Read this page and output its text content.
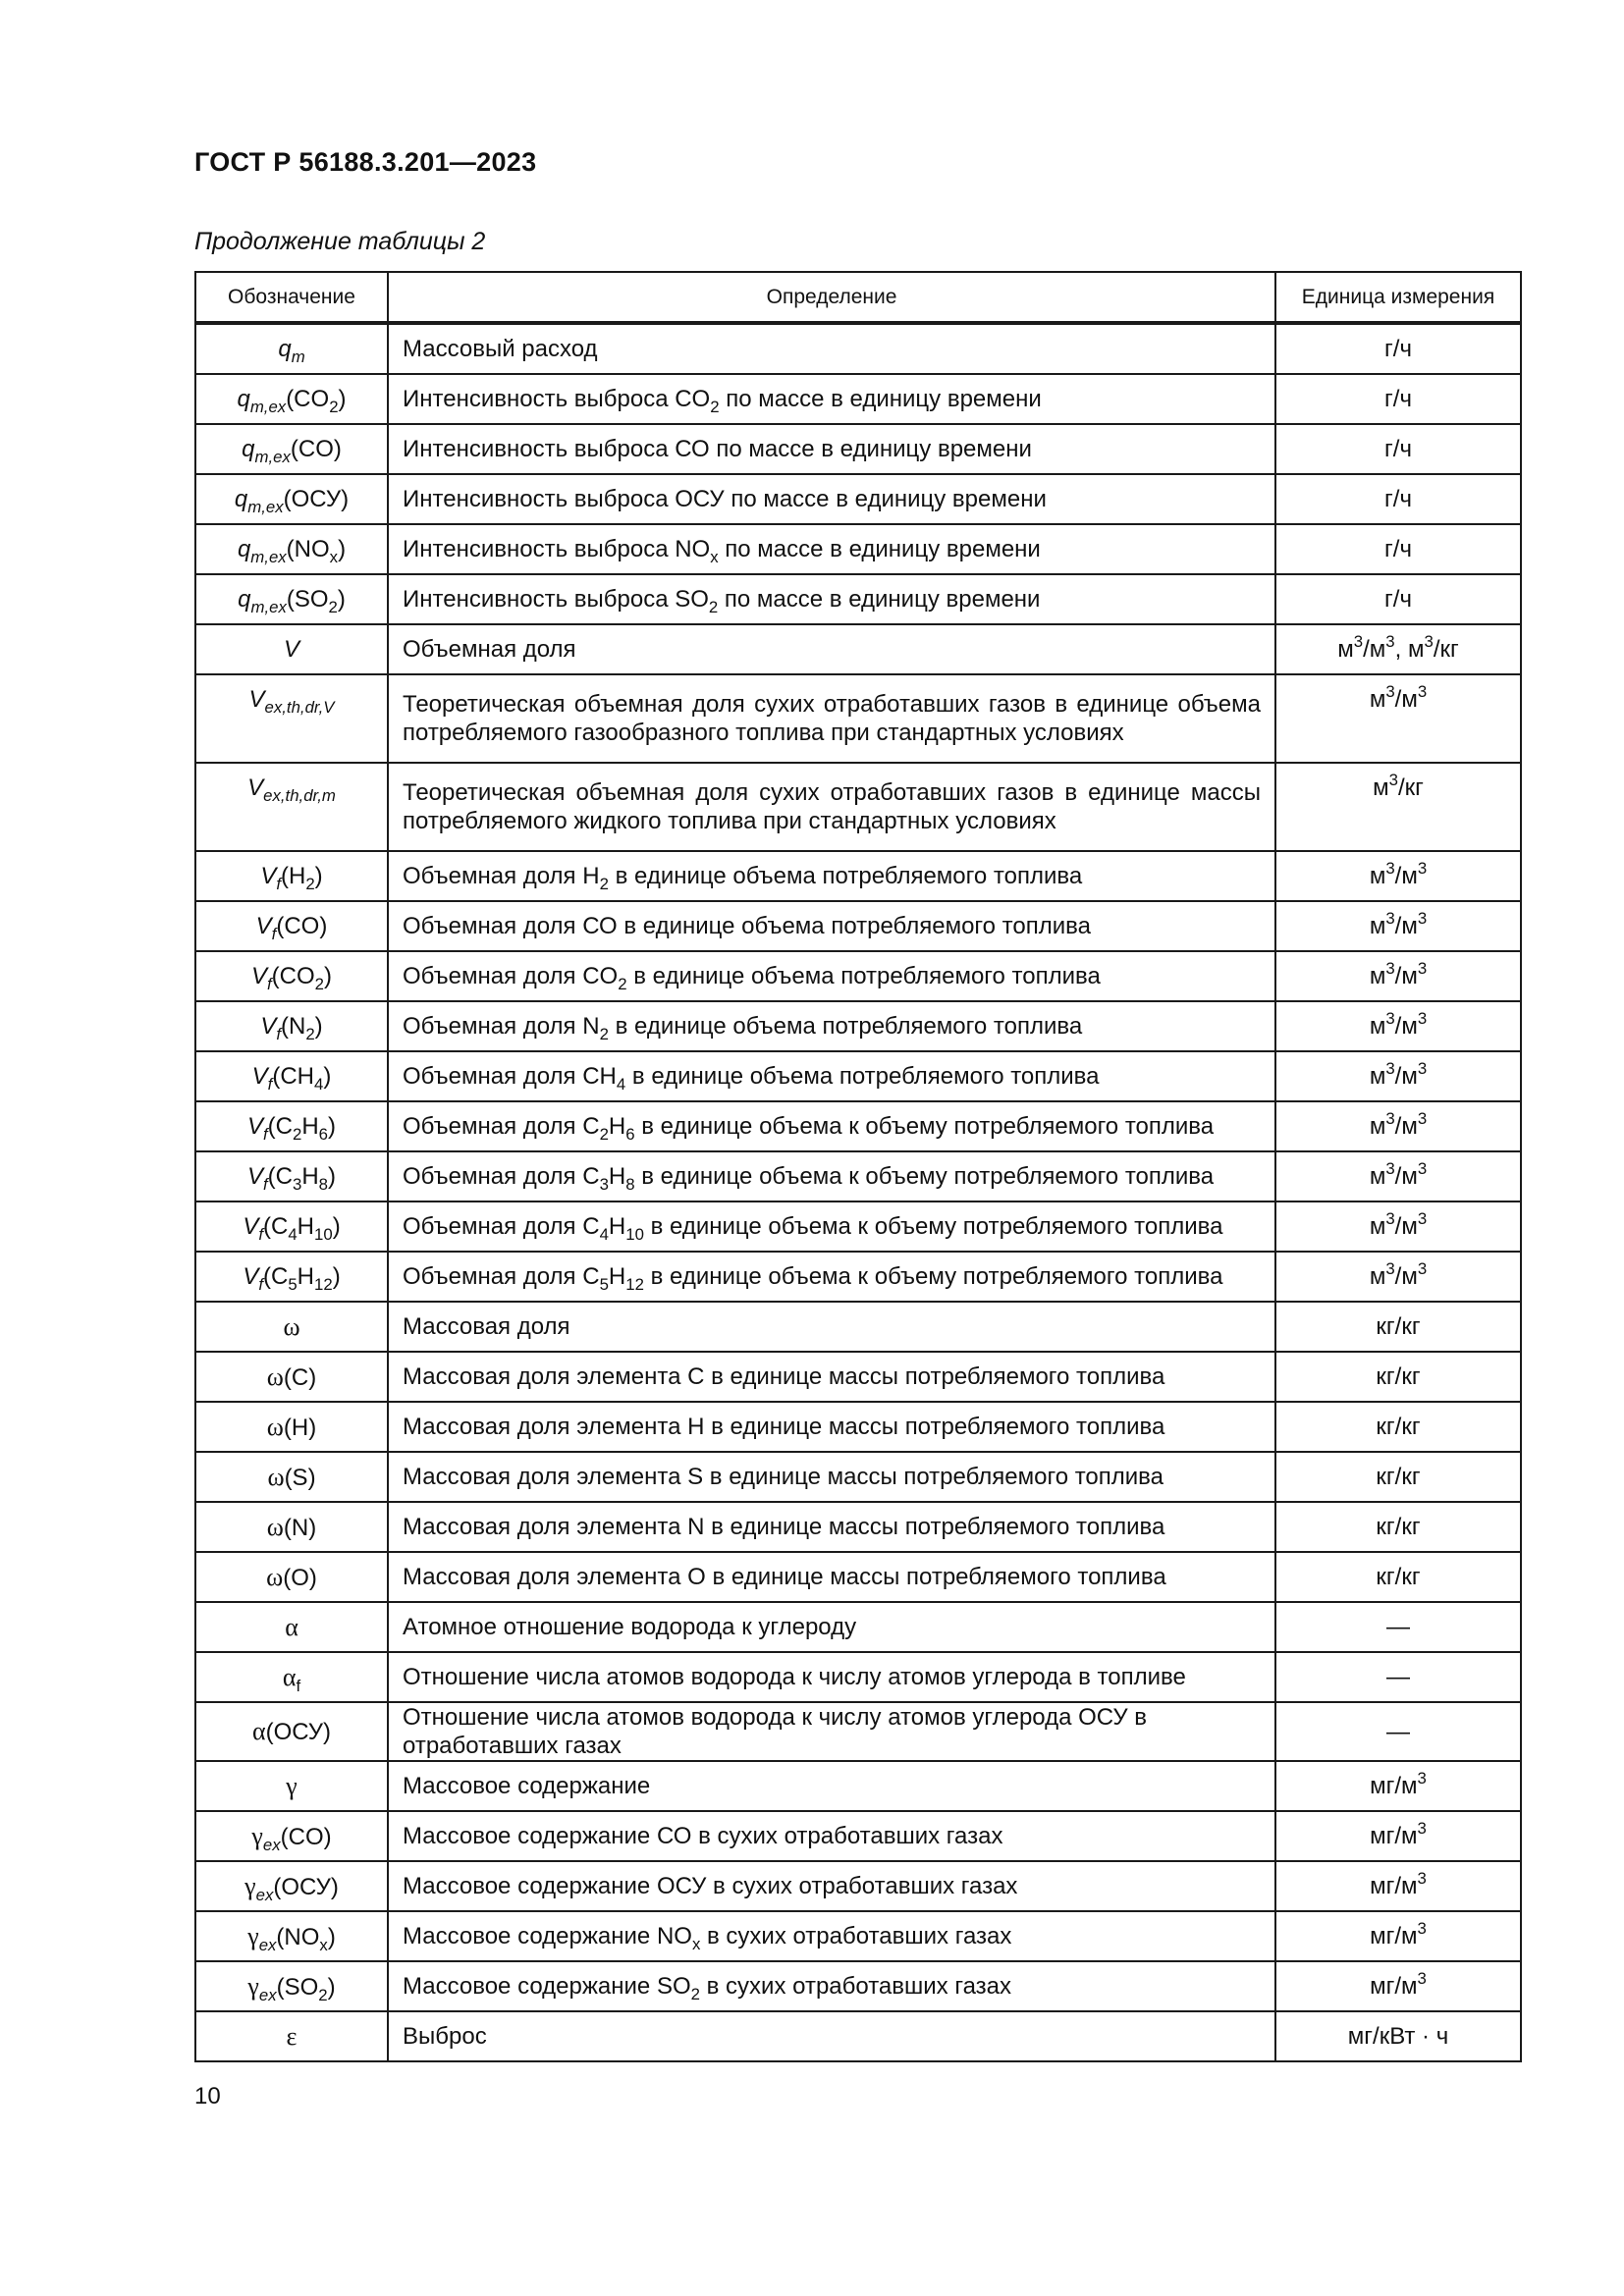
ГОСТ Р 56188.3.201—2023
Продолжение таблицы 2
Обозначение	Определение	Единица измерения
$q_m$	Массовый расход	г/ч
$q_{m,ex}(CO_2)$	Интенсивность выброса $CO_2$ по массе в единицу времени	г/ч
$q_{m,ex}(CO)$	Интенсивность выброса СО по массе в единицу времени	г/ч
$q_{m,ex}(ОСУ)$	Интенсивность выброса ОСУ по массе в единицу времени	г/ч
$q_{m,ex}(NO_x)$	Интенсивность выброса $NO_x$ по массе в единицу времени	г/ч
$q_{m,ex}(SO_2)$	Интенсивность выброса $SO_2$ по массе в единицу времени	г/ч
V	Объемная доля	$м^3/м^3$, $м^3/кг$
$V_{ex,th,dr,V}$	Теоретическая объемная доля сухих отработавших газов в единице объема потребляемого газообразного топлива при стандартных условиях	$м^3/м^3$
$V_{ex,th,dr,m}$	Теоретическая объемная доля сухих отработавших газов в единице массы потребляемого жидкого топлива при стандартных условиях	$м^3/кг$
$V_f(H_2)$	Объемная доля $H_2$ в единице объема потребляемого топлива	$м^3/м^3$
$V_f(CO)$	Объемная доля СО в единице объема потребляемого топлива	$м^3/м^3$
$V_f(CO_2)$	Объемная доля $CO_2$ в единице объема потребляемого топлива	$м^3/м^3$
$V_f(N_2)$	Объемная доля $N_2$ в единице объема потребляемого топлива	$м^3/м^3$
$V_f(CH_4)$	Объемная доля $CH_4$ в единице объема потребляемого топлива	$м^3/м^3$
$V_f(C_2H_6)$	Объемная доля $C_2H_6$ в единице объема к объему потребляемого топлива	$м^3/м^3$
$V_f(C_3H_8)$	Объемная доля $C_3H_8$ в единице объема к объему потребляемого топлива	$м^3/м^3$
$V_f(C_4H_{10})$	Объемная доля $C_4H_{10}$ в единице объема к объему потребляемого топлива	$м^3/м^3$
$V_f(C_5H_{12})$	Объемная доля $C_5H_{12}$ в единице объема к объему потребляемого топлива	$м^3/м^3$
ω	Массовая доля	кг/кг
ω(C)	Массовая доля элемента С в единице массы потребляемого топлива	кг/кг
ω(H)	Массовая доля элемента Н в единице массы потребляемого топлива	кг/кг
ω(S)	Массовая доля элемента S в единице массы потребляемого топлива	кг/кг
ω(N)	Массовая доля элемента N в единице массы потребляемого топлива	кг/кг
ω(O)	Массовая доля элемента О в единице массы потребляемого топлива	кг/кг
α	Атомное отношение водорода к углероду	—
$\alpha_f$	Отношение числа атомов водорода к числу атомов углерода в топливе	—
α(ОСУ)	Отношение числа атомов водорода к числу атомов углерода ОСУ в отработавших газах	—
γ	Массовое содержание	$мг/м^3$
$\gamma_{ex}(CO)$	Массовое содержание СО в сухих отработавших газах	$мг/м^3$
$\gamma_{ex}(ОСУ)$	Массовое содержание ОСУ в сухих отработавших газах	$мг/м^3$
$\gamma_{ex}(NO_x)$	Массовое содержание $NO_x$ в сухих отработавших газах	$мг/м^3$
$\gamma_{ex}(SO_2)$	Массовое содержание $SO_2$ в сухих отработавших газах	$мг/м^3$
ε	Выброс	мг/кВт · ч
10
